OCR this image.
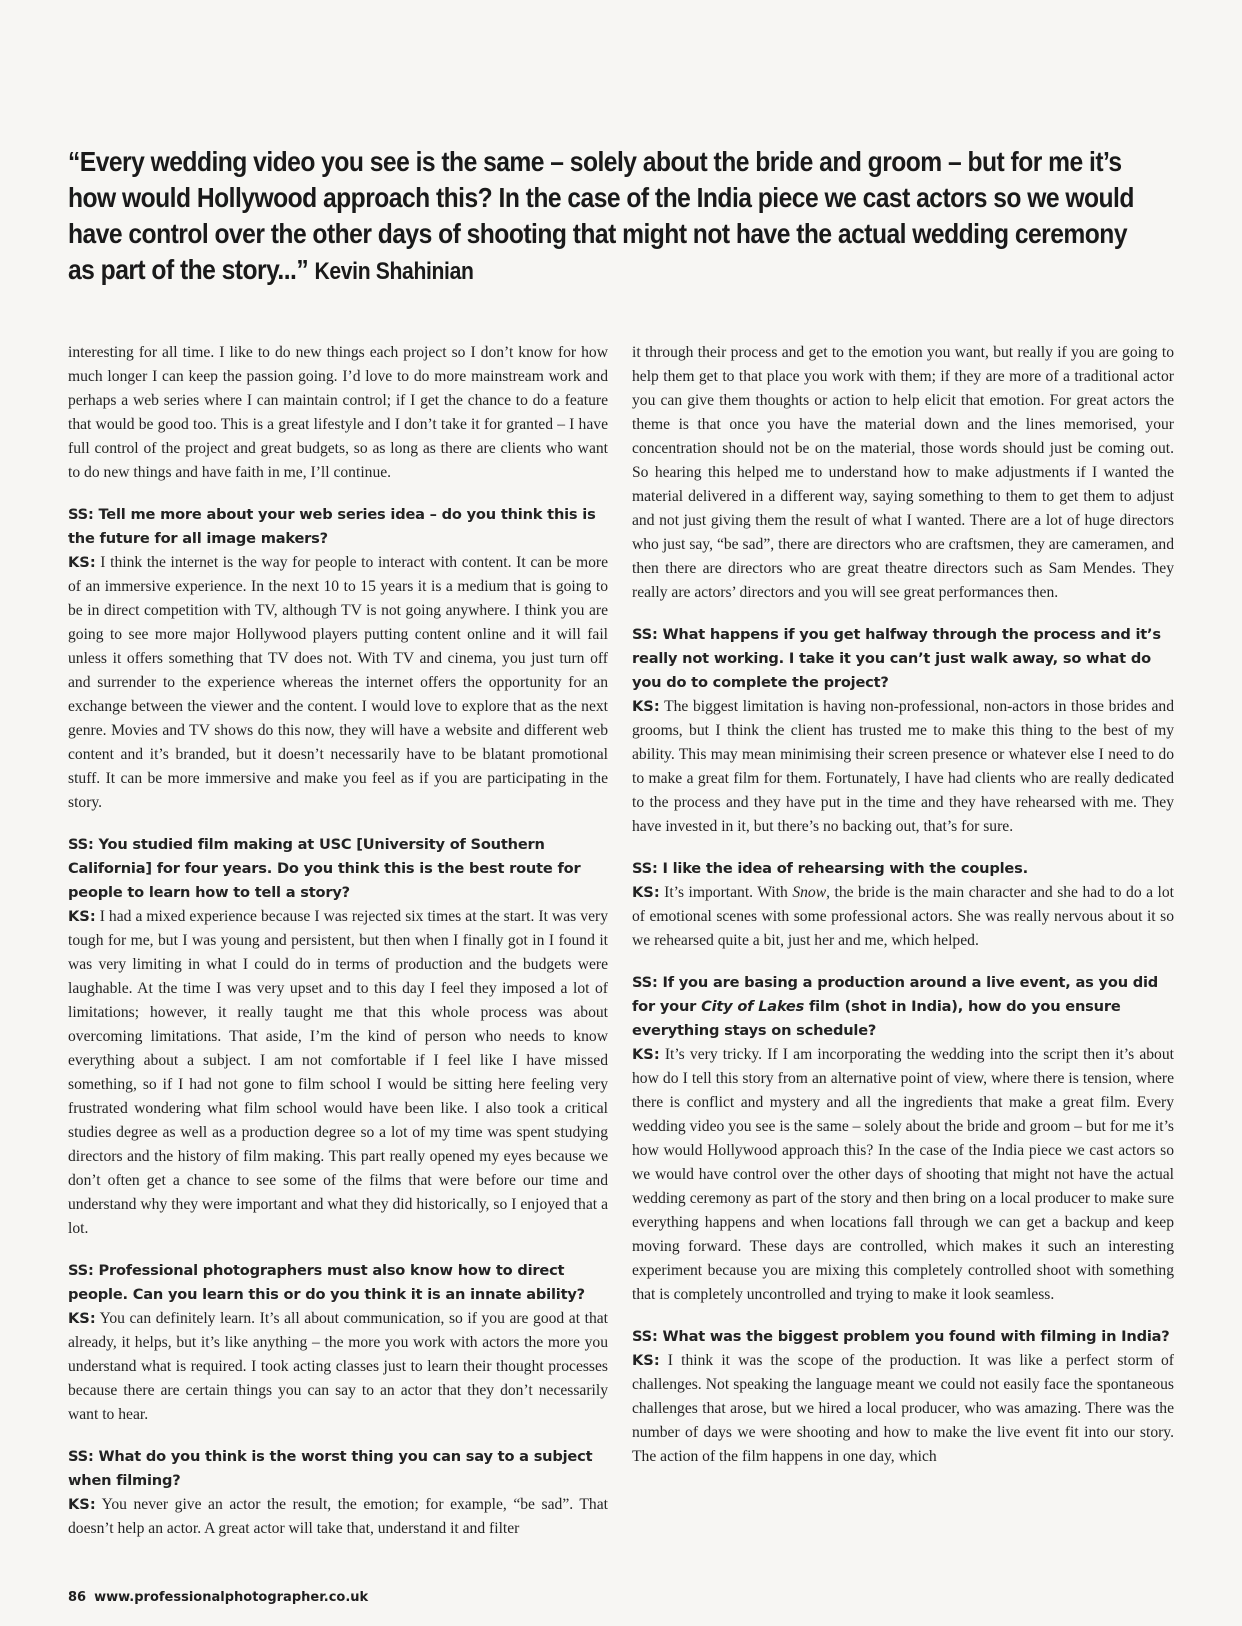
“Every wedding video you see is the same – solely about the bride and groom – but for me it’s how would Hollywood approach this? In the case of the India piece we cast actors so we would have control over the other days of shooting that might not have the actual wedding ceremony as part of the story...” Kevin Shahinian

interesting for all time. I like to do new things each project so I don’t know for how much longer I can keep the passion going. I’d love to do more mainstream work and perhaps a web series where I can maintain control; if I get the chance to do a feature that would be good too. This is a great lifestyle and I don’t take it for granted – I have full control of the project and great budgets, so as long as there are clients who want to do new things and have faith in me, I’ll continue.

SS: Tell me more about your web series idea – do you think this is the future for all image makers?

KS: I think the internet is the way for people to interact with content. It can be more of an immersive experience. In the next 10 to 15 years it is a medium that is going to be in direct competition with TV, although TV is not going anywhere. I think you are going to see more major Hollywood players putting content online and it will fail unless it offers something that TV does not. With TV and cinema, you just turn off and surrender to the experience whereas the internet offers the opportunity for an exchange between the viewer and the content. I would love to explore that as the next genre. Movies and TV shows do this now, they will have a website and different web content and it’s branded, but it doesn’t necessarily have to be blatant promotional stuff. It can be more immersive and make you feel as if you are participating in the story.

SS: You studied film making at USC [University of Southern California] for four years. Do you think this is the best route for people to learn how to tell a story?

KS: I had a mixed experience because I was rejected six times at the start. It was very tough for me, but I was young and persistent, but then when I finally got in I found it was very limiting in what I could do in terms of production and the budgets were laughable. At the time I was very upset and to this day I feel they imposed a lot of limitations; however, it really taught me that this whole process was about overcoming limitations. That aside, I’m the kind of person who needs to know everything about a subject. I am not comfortable if I feel like I have missed something, so if I had not gone to film school I would be sitting here feeling very frustrated wondering what film school would have been like. I also took a critical studies degree as well as a production degree so a lot of my time was spent studying directors and the history of film making. This part really opened my eyes because we don’t often get a chance to see some of the films that were before our time and understand why they were important and what they did historically, so I enjoyed that a lot.

SS: Professional photographers must also know how to direct people. Can you learn this or do you think it is an innate ability?

KS: You can definitely learn. It’s all about communication, so if you are good at that already, it helps, but it’s like anything – the more you work with actors the more you understand what is required. I took acting classes just to learn their thought processes because there are certain things you can say to an actor that they don’t necessarily want to hear.

SS: What do you think is the worst thing you can say to a subject when filming?

KS: You never give an actor the result, the emotion; for example, “be sad”. That doesn’t help an actor. A great actor will take that, understand it and filter

it through their process and get to the emotion you want, but really if you are going to help them get to that place you work with them; if they are more of a traditional actor you can give them thoughts or action to help elicit that emotion. For great actors the theme is that once you have the material down and the lines memorised, your concentration should not be on the material, those words should just be coming out. So hearing this helped me to understand how to make adjustments if I wanted the material delivered in a different way, saying something to them to get them to adjust and not just giving them the result of what I wanted. There are a lot of huge directors who just say, “be sad”, there are directors who are craftsmen, they are cameramen, and then there are directors who are great theatre directors such as Sam Mendes. They really are actors’ directors and you will see great performances then.

SS: What happens if you get halfway through the process and it’s really not working. I take it you can’t just walk away, so what do you do to complete the project?

KS: The biggest limitation is having non-professional, non-actors in those brides and grooms, but I think the client has trusted me to make this thing to the best of my ability. This may mean minimising their screen presence or whatever else I need to do to make a great film for them. Fortunately, I have had clients who are really dedicated to the process and they have put in the time and they have rehearsed with me. They have invested in it, but there’s no backing out, that’s for sure.

SS: I like the idea of rehearsing with the couples.

KS: It’s important. With Snow, the bride is the main character and she had to do a lot of emotional scenes with some professional actors. She was really nervous about it so we rehearsed quite a bit, just her and me, which helped.

SS: If you are basing a production around a live event, as you did for your City of Lakes film (shot in India), how do you ensure everything stays on schedule?

KS: It’s very tricky. If I am incorporating the wedding into the script then it’s about how do I tell this story from an alternative point of view, where there is tension, where there is conflict and mystery and all the ingredients that make a great film. Every wedding video you see is the same – solely about the bride and groom – but for me it’s how would Hollywood approach this? In the case of the India piece we cast actors so we would have control over the other days of shooting that might not have the actual wedding ceremony as part of the story and then bring on a local producer to make sure everything happens and when locations fall through we can get a backup and keep moving forward. These days are controlled, which makes it such an interesting experiment because you are mixing this completely controlled shoot with something that is completely uncontrolled and trying to make it look seamless.

SS: What was the biggest problem you found with filming in India?

KS: I think it was the scope of the production. It was like a perfect storm of challenges. Not speaking the language meant we could not easily face the spontaneous challenges that arose, but we hired a local producer, who was amazing. There was the number of days we were shooting and how to make the live event fit into our story. The action of the film happens in one day, which

86 www.professionalphotographer.co.uk
